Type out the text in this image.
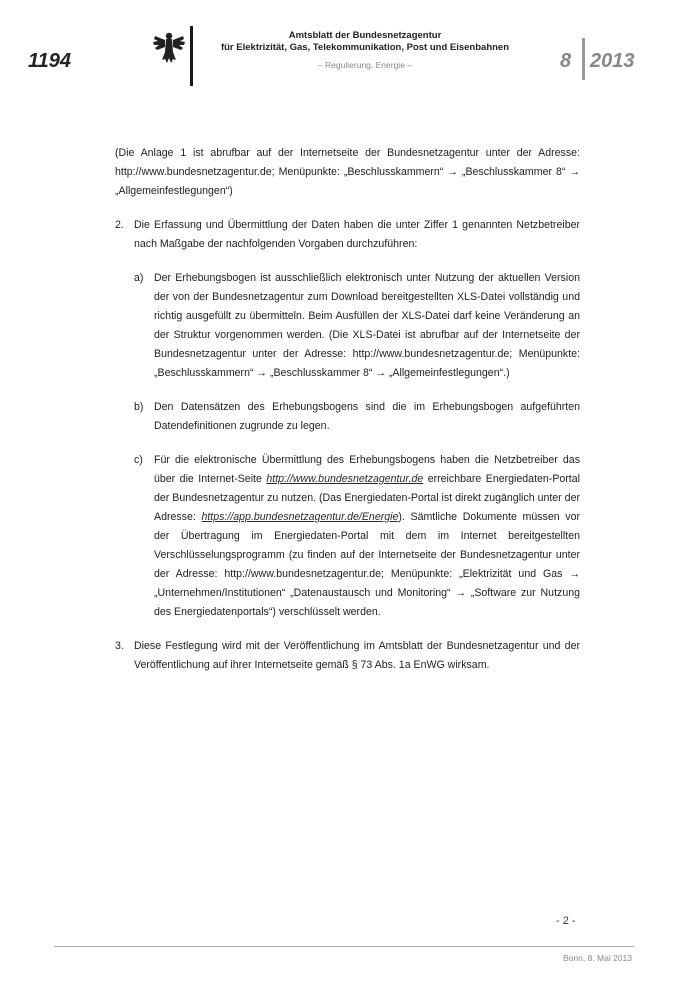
1194
Amtsblatt der Bundesnetzagentur
für Elektrizität, Gas, Telekommunikation, Post und Eisenbahnen
– Regulierung, Energie –	8 2013

(Die Anlage 1 ist abrufbar auf der Internetseite der Bundesnetzagentur unter der Adresse: http://www.bundesnetzagentur.de; Menüpunkte: „Beschlusskammern“ → „Beschlusskammer 8“ → „Allgemeinfestlegungen“)

2. Die Erfassung und Übermittlung der Daten haben die unter Ziffer 1 genannten Netzbetreiber nach Maßgabe der nachfolgenden Vorgaben durchzuführen:
a) Der Erhebungsbogen ist ausschließlich elektronisch unter Nutzung der aktuellen Version der von der Bundesnetzagentur zum Download bereitgestellten XLS-Datei vollständig und richtig ausgefüllt zu übermitteln. Beim Ausfüllen der XLS-Datei darf keine Veränderung an der Struktur vorgenommen werden. (Die XLS-Datei ist abrufbar auf der Internetseite der Bundesnetzagentur unter der Adresse: http://www.bundesnetzagentur.de; Menüpunkte: „Beschlusskammern“ → „Beschlusskammer 8“ → „Allgemeinfestlegungen“.)
b) Den Datensätzen des Erhebungsbogens sind die im Erhebungsbogen aufgeführten Datendefinitionen zugrunde zu legen.
c) Für die elektronische Übermittlung des Erhebungsbogens haben die Netzbetreiber das über die Internet-Seite http://www.bundesnetzagentur.de erreichbare Energiedaten-Portal der Bundesnetzagentur zu nutzen. (Das Energiedaten-Portal ist direkt zugänglich unter der Adresse: https://app.bundesnetzagentur.de/Energie). Sämtliche Dokumente müssen vor der Übertragung im Energiedaten-Portal mit dem im Internet bereitgestellten Verschlüsselungsprogramm (zu finden auf der Internetseite der Bundesnetzagentur unter der Adresse: http://www.bundesnetzagentur.de; Menüpunkte: „Elektrizität und Gas → „Unternehmen/Institutionen“ „Datenaustausch und Monitoring“ → „Software zur Nutzung des Energiedatenportals“) verschlüsselt werden.
3. Diese Festlegung wird mit der Veröffentlichung im Amtsblatt der Bundesnetzagentur und der Veröffentlichung auf ihrer Internetseite gemäß § 73 Abs. 1a EnWG wirksam.
- 2 -
Bonn, 8. Mai 2013
